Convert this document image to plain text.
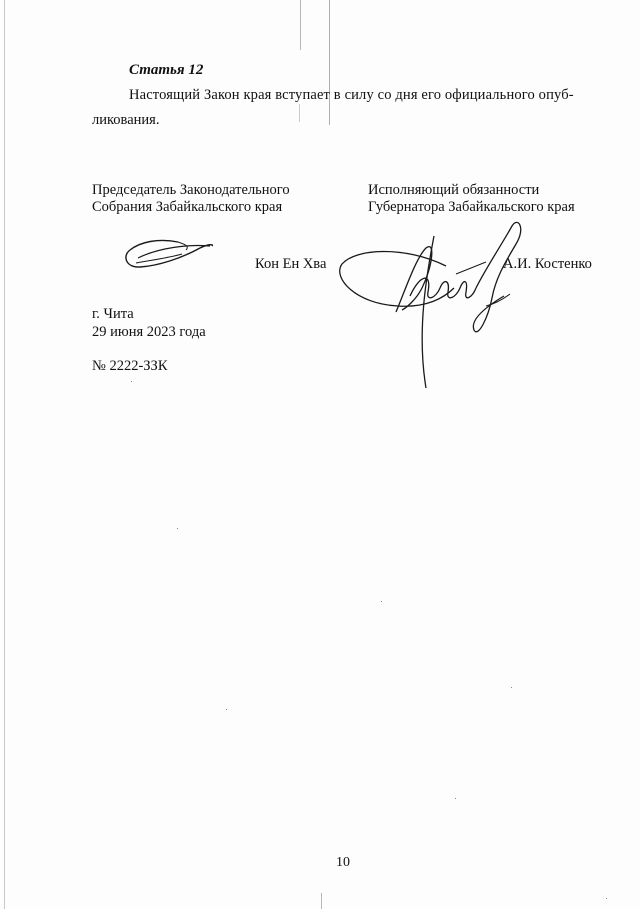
Статья 12
Настоящий Закон края вступает в силу со дня его официального опуб-
ликования.
Председатель Законодательного
Собрания Забайкальского края
Кон Ен Хва
Исполняющий обязанности
Губернатора Забайкальского края
А.И. Костенко
г. Чита
29 июня 2023 года
№ 2222-ЗЗК
10
